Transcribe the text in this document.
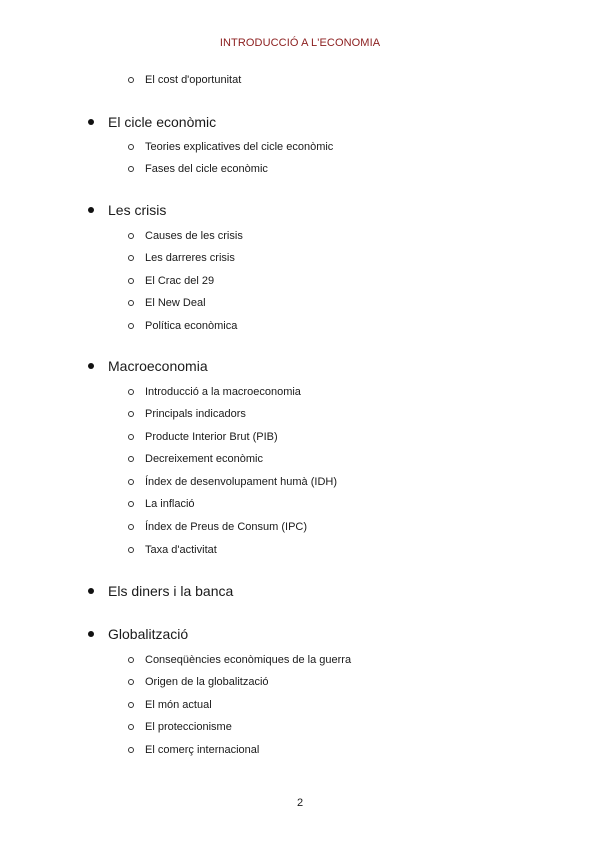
INTRODUCCIÓ A L'ECONOMIA
El cost d'oportunitat
El cicle econòmic
Teories explicatives del cicle econòmic
Fases del cicle econòmic
Les crisis
Causes de les crisis
Les darreres crisis
El Crac del 29
El New Deal
Política econòmica
Macroeconomia
Introducció a la macroeconomia
Principals indicadors
Producte Interior Brut (PIB)
Decreixement econòmic
Índex de desenvolupament humà (IDH)
La inflació
Índex de Preus de Consum (IPC)
Taxa d'activitat
Els diners i la banca
Globalització
Conseqüències econòmiques de la guerra
Origen de la globalització
El món actual
El proteccionisme
El comerç internacional
2
